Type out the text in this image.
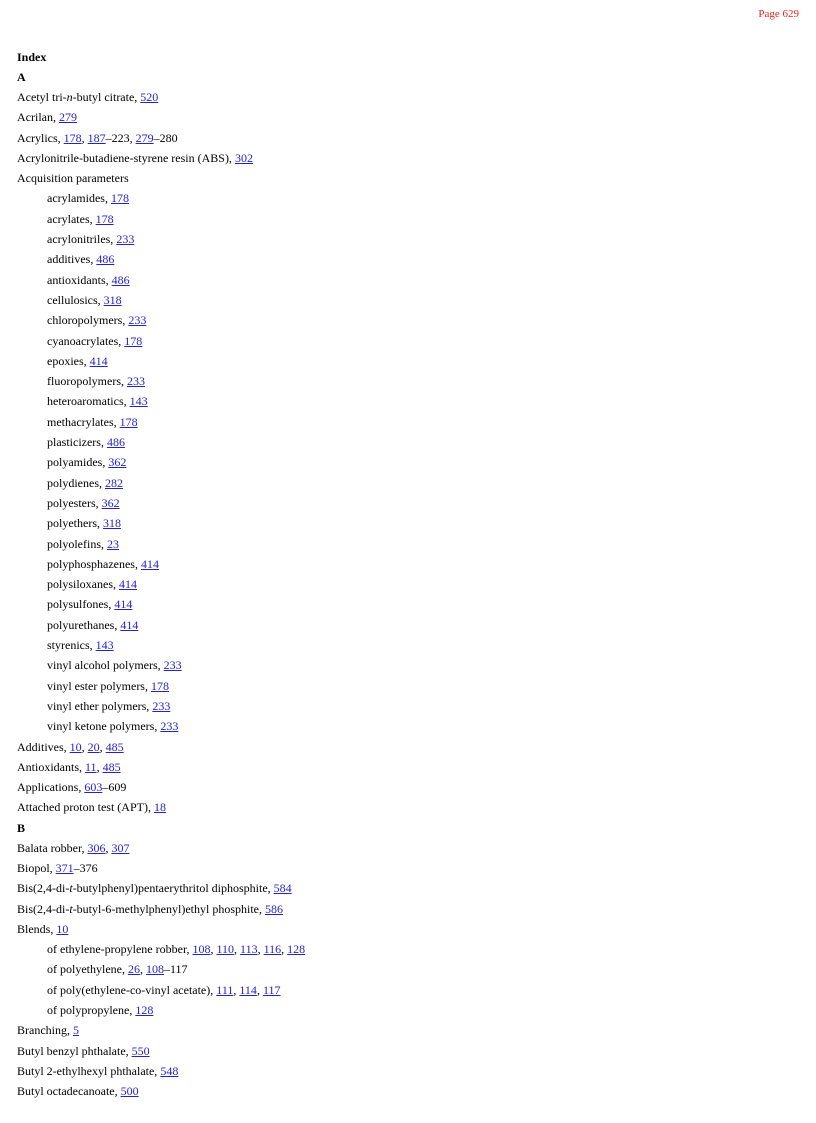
Page 629
Index
A
Acetyl tri-n-butyl citrate, 520
Acrilan, 279
Acrylics, 178, 187–223, 279–280
Acrylonitrile-butadiene-styrene resin (ABS), 302
Acquisition parameters
acrylamides, 178
acrylates, 178
acrylonitriles, 233
additives, 486
antioxidants, 486
cellulosics, 318
chloropolymers, 233
cyanoacrylates, 178
epoxies, 414
fluoropolymers, 233
heteroaromatics, 143
methacrylates, 178
plasticizers, 486
polyamides, 362
polydienes, 282
polyesters, 362
polyethers, 318
polyolefins, 23
polyphosphazenes, 414
polysiloxanes, 414
polysulfones, 414
polyurethanes, 414
styrenics, 143
vinyl alcohol polymers, 233
vinyl ester polymers, 178
vinyl ether polymers, 233
vinyl ketone polymers, 233
Additives, 10, 20, 485
Antioxidants, 11, 485
Applications, 603–609
Attached proton test (APT), 18
B
Balata robber, 306, 307
Biopol, 371–376
Bis(2,4-di-t-butylphenyl)pentaerythritol diphosphite, 584
Bis(2,4-di-t-butyl-6-methylphenyl)ethyl phosphite, 586
Blends, 10
of ethylene-propylene robber, 108, 110, 113, 116, 128
of polyethylene, 26, 108–117
of poly(ethylene-co-vinyl acetate), 111, 114, 117
of polypropylene, 128
Branching, 5
Butyl benzyl phthalate, 550
Butyl 2-ethylhexyl phthalate, 548
Butyl octadecanoate, 500
